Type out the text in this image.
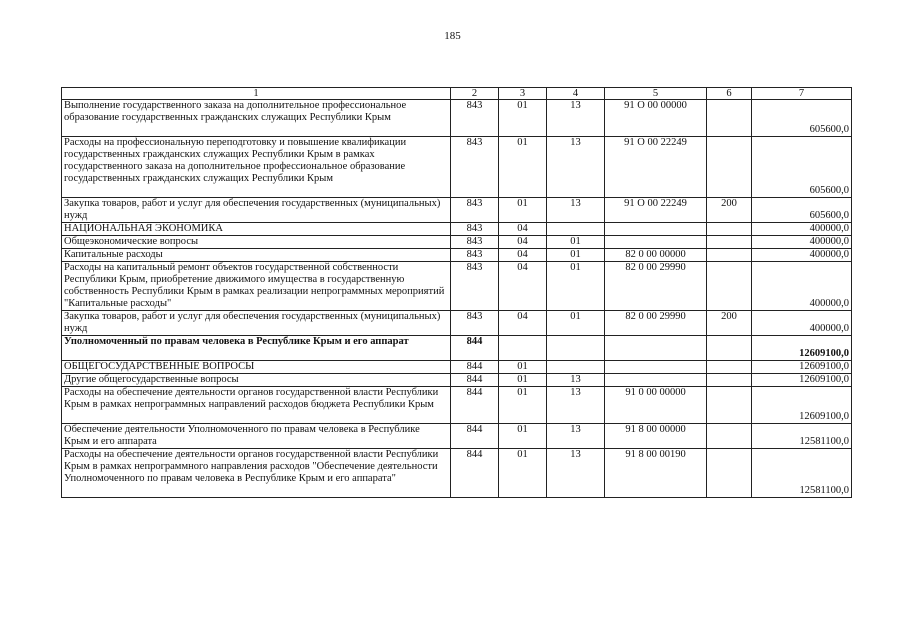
185
1	2	3	4	5	6	7
Выполнение государственного заказа на дополнительное профессиональное образование государственных гражданских служащих Республики Крым	843	01	13	91 О 00 00000		605600,0
Расходы на профессиональную переподготовку и повышение квалификации государственных гражданских служащих Республики Крым в рамках государственного заказа на дополнительное профессиональное образование государственных гражданских служащих Республики Крым	843	01	13	91 О 00 22249		605600,0
Закупка товаров, работ и услуг для обеспечения государственных (муниципальных) нужд	843	01	13	91 О 00 22249	200	605600,0
НАЦИОНАЛЬНАЯ ЭКОНОМИКА	843	04				400000,0
Общеэкономические вопросы	843	04	01			400000,0
Капитальные расходы	843	04	01	82 0 00 00000		400000,0
Расходы на капитальный ремонт объектов государственной собственности Республики Крым, приобретение движимого имущества в государственную собственность Республики Крым в рамках реализации непрограммных мероприятий "Капитальные расходы"	843	04	01	82 0 00 29990		400000,0
Закупка товаров, работ и услуг для обеспечения государственных (муниципальных) нужд	843	04	01	82 0 00 29990	200	400000,0
Уполномоченный по правам человека в Республике Крым и его аппарат	844					12609100,0
ОБЩЕГОСУДАРСТВЕННЫЕ ВОПРОСЫ	844	01				12609100,0
Другие общегосударственные вопросы	844	01	13			12609100,0
Расходы на обеспечение деятельности органов государственной власти Республики Крым в рамках непрограммных направлений расходов бюджета Республики Крым	844	01	13	91 0 00 00000		12609100,0
Обеспечение деятельности Уполномоченного по правам человека в Республике Крым и его аппарата	844	01	13	91 8 00 00000		12581100,0
Расходы на обеспечение деятельности органов государственной власти Республики Крым в рамках непрограммного направления расходов "Обеспечение деятельности Уполномоченного по правам человека в Республике Крым и его аппарата"	844	01	13	91 8 00 00190		12581100,0
